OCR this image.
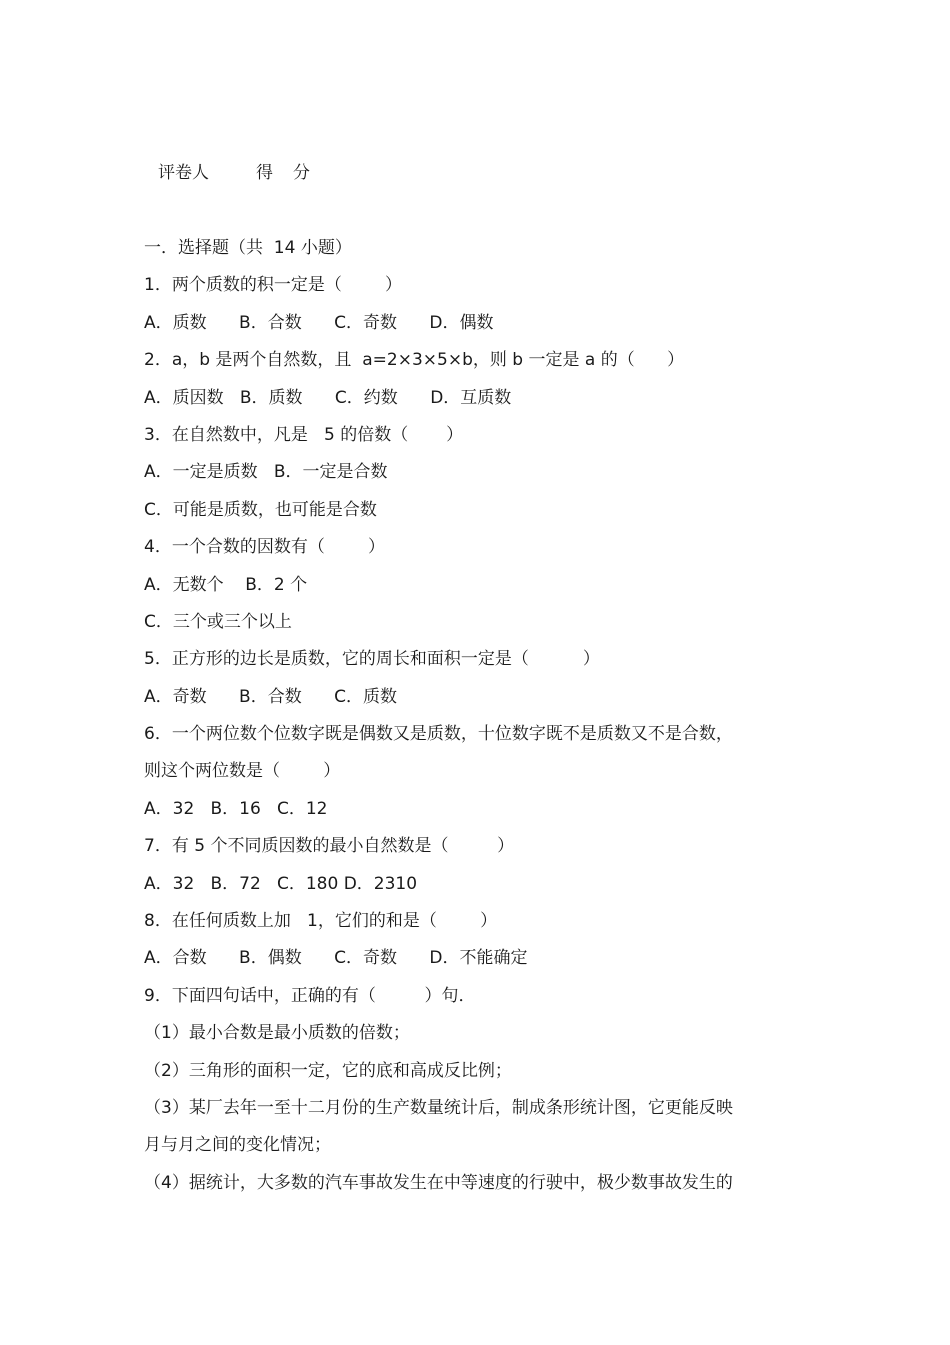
评卷人	得 分
一．选择题（共  14 小题）
1．两个质数的积一定是（        ）
A．质数      B．合数      C．奇数      D．偶数
2．a，b 是两个自然数，且  a=2×3×5×b，则 b 一定是 a 的（      ）
A．质因数   B．质数      C．约数      D．互质数
3．在自然数中，凡是   5 的倍数（       ）
A．一定是质数   B．一定是合数
C．可能是质数，也可能是合数
4．一个合数的因数有（        ）
A．无数个    B．2 个
C．三个或三个以上
5．正方形的边长是质数，它的周长和面积一定是（          ）
A．奇数      B．合数      C．质数
6．一个两位数个位数字既是偶数又是质数，十位数字既不是质数又不是合数，
则这个两位数是（        ）
A．32   B．16   C．12
7．有 5 个不同质因数的最小自然数是（         ）
A．32   B．72   C．180 D．2310
8．在任何质数上加   1，它们的和是（        ）
A．合数      B．偶数      C．奇数      D．不能确定
9．下面四句话中，正确的有（         ）句．
（1）最小合数是最小质数的倍数；
（2）三角形的面积一定，它的底和高成反比例；
（3）某厂去年一至十二月份的生产数量统计后，制成条形统计图，它更能反映
月与月之间的变化情况；
（4）据统计，大多数的汽车事故发生在中等速度的行驶中，极少数事故发生的
